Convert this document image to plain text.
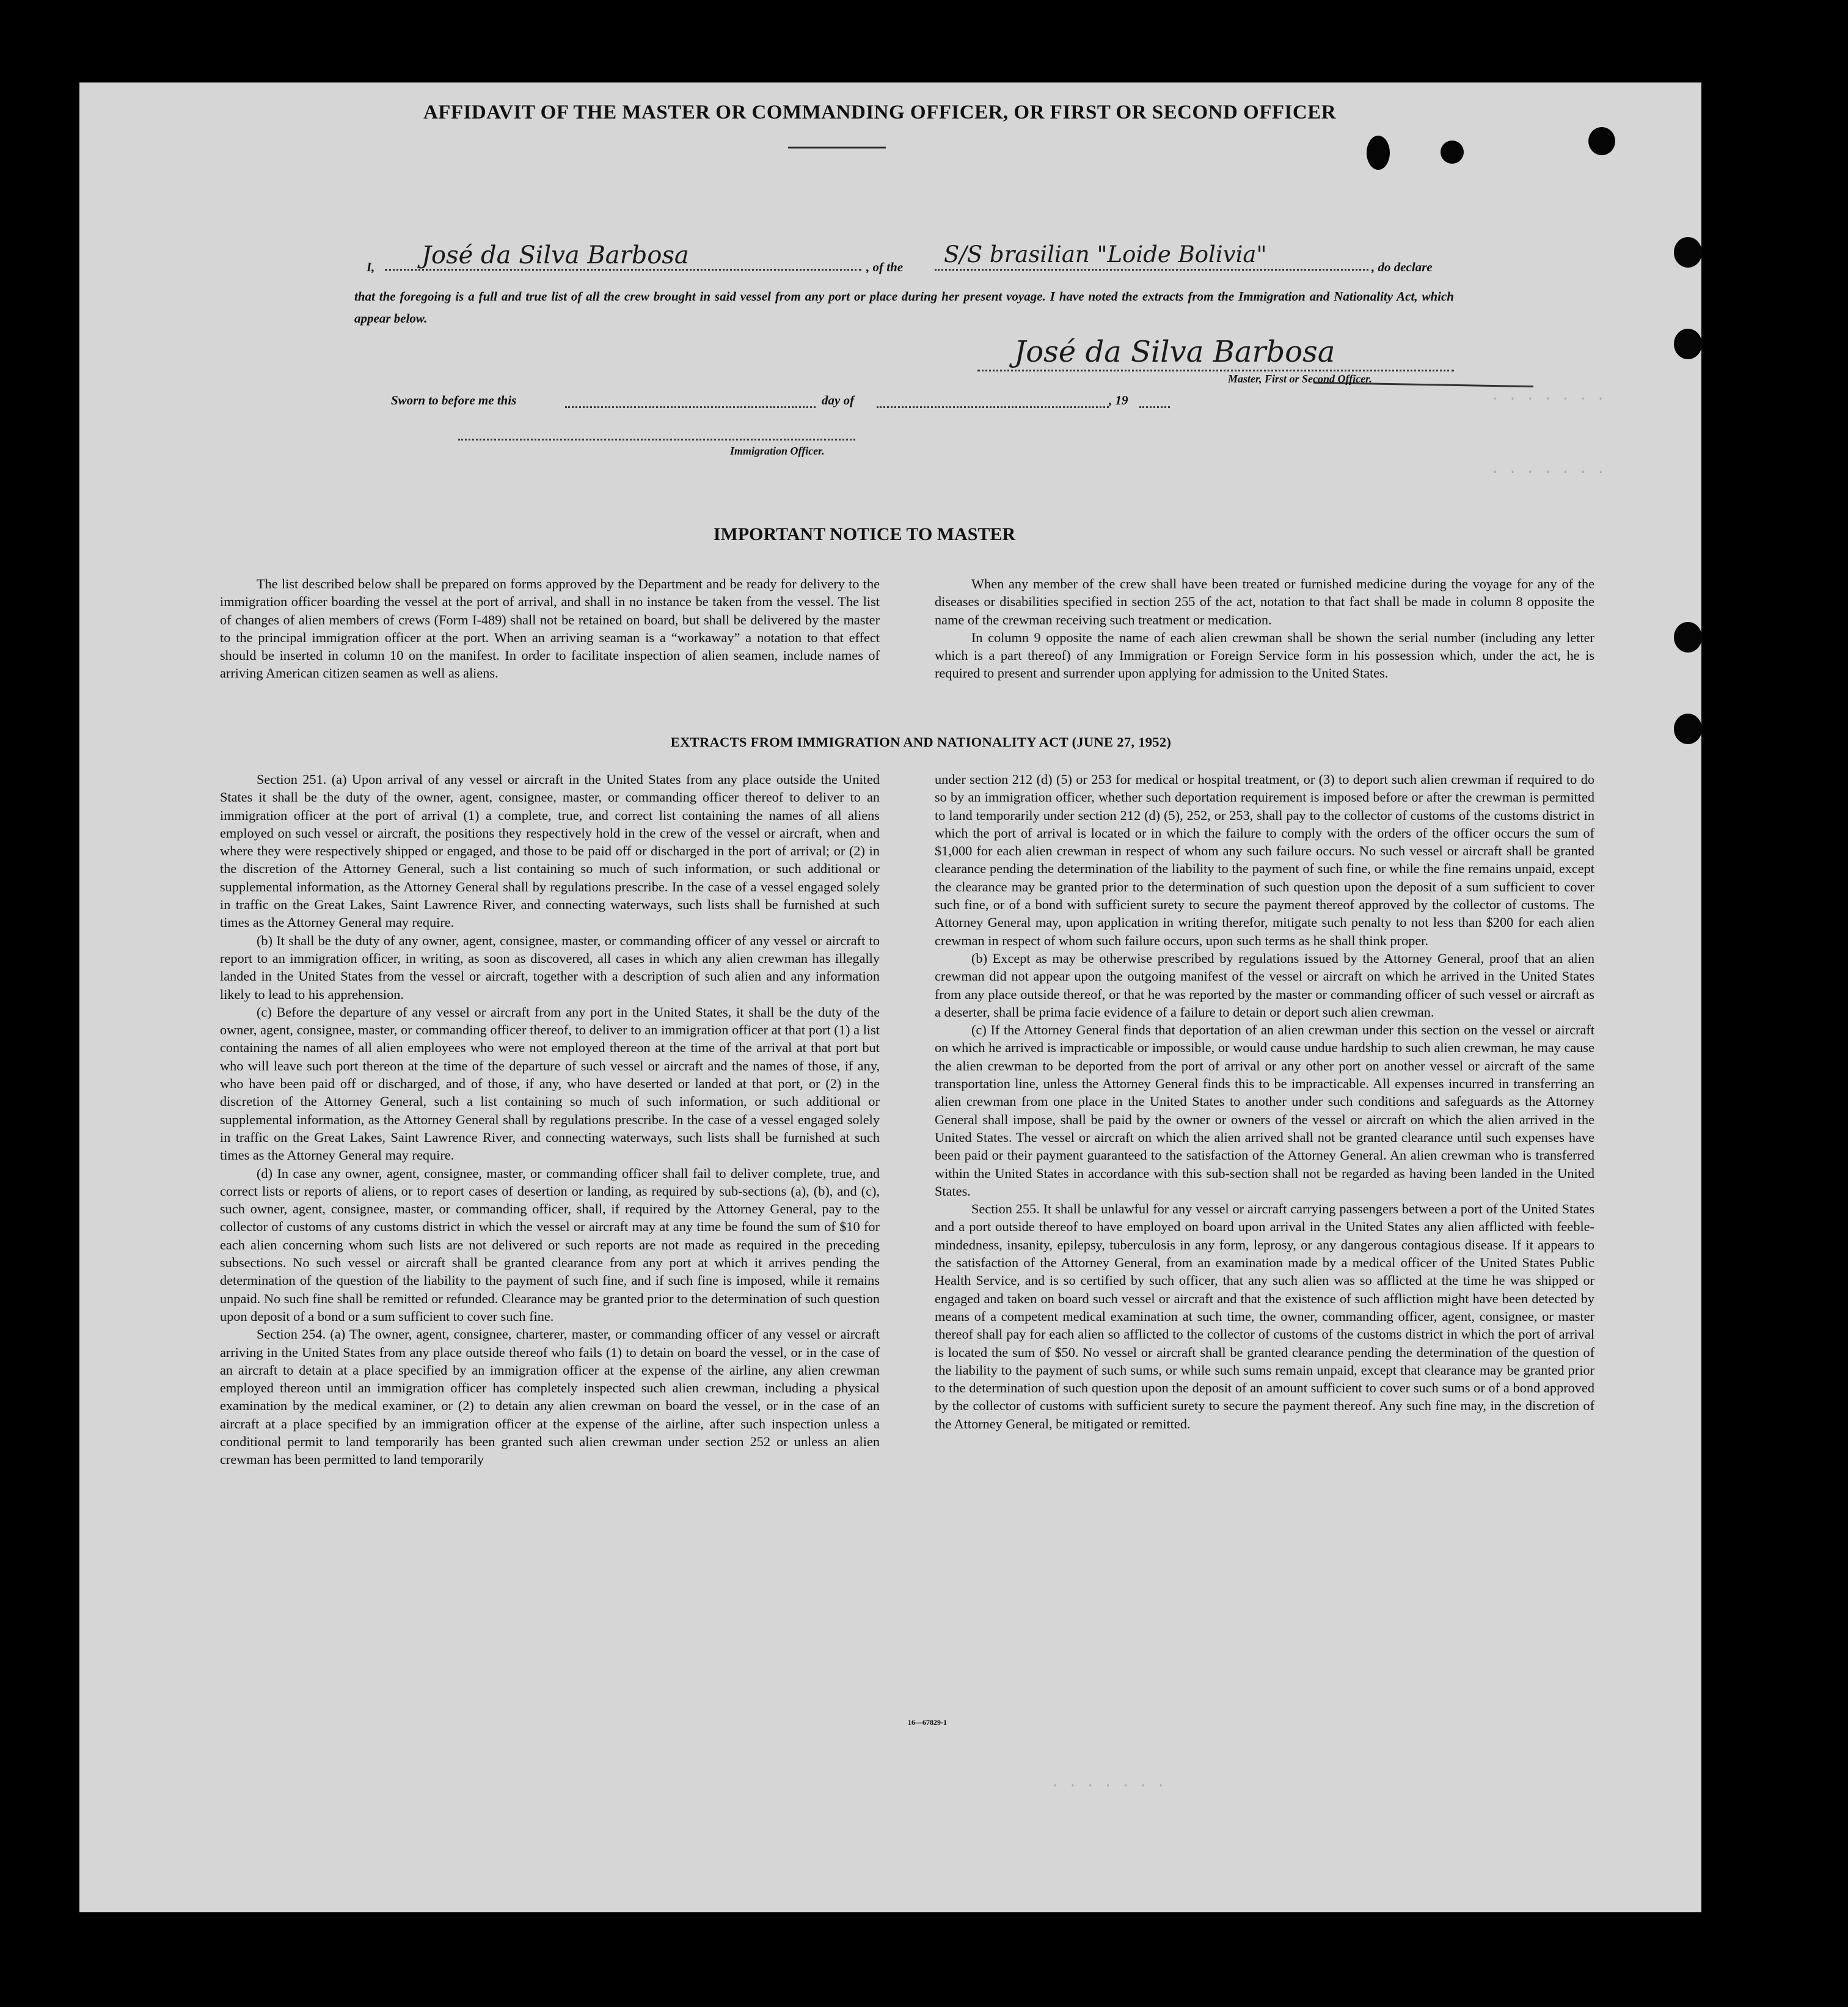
· · · · · · ·
· · · · · · ·
· · · · · · ·
AFFIDAVIT OF THE MASTER OR COMMANDING OFFICER, OR FIRST OR SECOND OFFICER
I, José da Silva Barbosa	, of the S/S brasilian "Loide Bolivia"	, do declare
that the foregoing is a full and true list of all the crew brought in said vessel from any port or place during her present voyage. I have noted the extracts from the Immigration and Nationality Act, which appear below.
José da Silva Barbosa
Master, First or Second Officer.
Sworn to before me this	day of	, 19
Immigration Officer.
IMPORTANT NOTICE TO MASTER

The list described below shall be prepared on forms approved by the Department and be ready for delivery to the immigration officer boarding the vessel at the port of arrival, and shall in no instance be taken from the vessel. The list of changes of alien members of crews (Form I-489) shall not be retained on board, but shall be delivered by the master to the principal immigration officer at the port. When an arriving seaman is a “workaway” a notation to that effect should be inserted in column 10 on the manifest. In order to facilitate inspection of alien seamen, include names of arriving American citizen seamen as well as aliens.

When any member of the crew shall have been treated or furnished medicine during the voyage for any of the diseases or disabilities specified in section 255 of the act, notation to that fact shall be made in column 8 opposite the name of the crewman receiving such treatment or medication.

In column 9 opposite the name of each alien crewman shall be shown the serial number (including any letter which is a part thereof) of any Immigration or Foreign Service form in his possession which, under the act, he is required to present and surrender upon applying for admission to the United States.

EXTRACTS FROM IMMIGRATION AND NATIONALITY ACT (JUNE 27, 1952)

Section 251. (a) Upon arrival of any vessel or aircraft in the United States from any place outside the United States it shall be the duty of the owner, agent, consignee, master, or commanding officer thereof to deliver to an immigration officer at the port of arrival (1) a complete, true, and correct list containing the names of all aliens employed on such vessel or aircraft, the positions they respectively hold in the crew of the vessel or aircraft, when and where they were respectively shipped or engaged, and those to be paid off or discharged in the port of arrival; or (2) in the discretion of the Attorney General, such a list containing so much of such information, or such additional or supplemental information, as the Attorney General shall by regulations prescribe. In the case of a vessel engaged solely in traffic on the Great Lakes, Saint Lawrence River, and connecting waterways, such lists shall be furnished at such times as the Attorney General may require.

(b) It shall be the duty of any owner, agent, consignee, master, or commanding officer of any vessel or aircraft to report to an immigration officer, in writing, as soon as discovered, all cases in which any alien crewman has illegally landed in the United States from the vessel or aircraft, together with a description of such alien and any information likely to lead to his apprehension.

(c) Before the departure of any vessel or aircraft from any port in the United States, it shall be the duty of the owner, agent, consignee, master, or commanding officer thereof, to deliver to an immigration officer at that port (1) a list containing the names of all alien employees who were not employed thereon at the time of the arrival at that port but who will leave such port thereon at the time of the departure of such vessel or aircraft and the names of those, if any, who have been paid off or discharged, and of those, if any, who have deserted or landed at that port, or (2) in the discretion of the Attorney General, such a list containing so much of such information, or such additional or supplemental information, as the Attorney General shall by regulations prescribe. In the case of a vessel engaged solely in traffic on the Great Lakes, Saint Lawrence River, and connecting waterways, such lists shall be furnished at such times as the Attorney General may require.

(d) In case any owner, agent, consignee, master, or commanding officer shall fail to deliver complete, true, and correct lists or reports of aliens, or to report cases of desertion or landing, as required by sub-sections (a), (b), and (c), such owner, agent, consignee, master, or commanding officer, shall, if required by the Attorney General, pay to the collector of customs of any customs district in which the vessel or aircraft may at any time be found the sum of $10 for each alien concerning whom such lists are not delivered or such reports are not made as required in the preceding subsections. No such vessel or aircraft shall be granted clearance from any port at which it arrives pending the determination of the question of the liability to the payment of such fine, and if such fine is imposed, while it remains unpaid. No such fine shall be remitted or refunded. Clearance may be granted prior to the determination of such question upon deposit of a bond or a sum sufficient to cover such fine.

Section 254. (a) The owner, agent, consignee, charterer, master, or commanding officer of any vessel or aircraft arriving in the United States from any place outside thereof who fails (1) to detain on board the vessel, or in the case of an aircraft to detain at a place specified by an immigration officer at the expense of the airline, any alien crewman employed thereon until an immigration officer has completely inspected such alien crewman, including a physical examination by the medical examiner, or (2) to detain any alien crewman on board the vessel, or in the case of an aircraft at a place specified by an immigration officer at the expense of the airline, after such inspection unless a conditional permit to land temporarily has been granted such alien crewman under section 252 or unless an alien crewman has been permitted to land temporarily

under section 212 (d) (5) or 253 for medical or hospital treatment, or (3) to deport such alien crewman if required to do so by an immigration officer, whether such deportation requirement is imposed before or after the crewman is permitted to land temporarily under section 212 (d) (5), 252, or 253, shall pay to the collector of customs of the customs district in which the port of arrival is located or in which the failure to comply with the orders of the officer occurs the sum of $1,000 for each alien crewman in respect of whom any such failure occurs. No such vessel or aircraft shall be granted clearance pending the determination of the liability to the payment of such fine, or while the fine remains unpaid, except the clearance may be granted prior to the determination of such question upon the deposit of a sum sufficient to cover such fine, or of a bond with sufficient surety to secure the payment thereof approved by the collector of customs. The Attorney General may, upon application in writing therefor, mitigate such penalty to not less than $200 for each alien crewman in respect of whom such failure occurs, upon such terms as he shall think proper.

(b) Except as may be otherwise prescribed by regulations issued by the Attorney General, proof that an alien crewman did not appear upon the outgoing manifest of the vessel or aircraft on which he arrived in the United States from any place outside thereof, or that he was reported by the master or commanding officer of such vessel or aircraft as a deserter, shall be prima facie evidence of a failure to detain or deport such alien crewman.

(c) If the Attorney General finds that deportation of an alien crewman under this section on the vessel or aircraft on which he arrived is impracticable or impossible, or would cause undue hardship to such alien crewman, he may cause the alien crewman to be deported from the port of arrival or any other port on another vessel or aircraft of the same transportation line, unless the Attorney General finds this to be impracticable. All expenses incurred in transferring an alien crewman from one place in the United States to another under such conditions and safeguards as the Attorney General shall impose, shall be paid by the owner or owners of the vessel or aircraft on which the alien arrived in the United States. The vessel or aircraft on which the alien arrived shall not be granted clearance until such expenses have been paid or their payment guaranteed to the satisfaction of the Attorney General. An alien crewman who is transferred within the United States in accordance with this sub-section shall not be regarded as having been landed in the United States.

Section 255. It shall be unlawful for any vessel or aircraft carrying passengers between a port of the United States and a port outside thereof to have employed on board upon arrival in the United States any alien afflicted with feeble-mindedness, insanity, epilepsy, tuberculosis in any form, leprosy, or any dangerous contagious disease. If it appears to the satisfaction of the Attorney General, from an examination made by a medical officer of the United States Public Health Service, and is so certified by such officer, that any such alien was so afflicted at the time he was shipped or engaged and taken on board such vessel or aircraft and that the existence of such affliction might have been detected by means of a competent medical examination at such time, the owner, commanding officer, agent, consignee, or master thereof shall pay for each alien so afflicted to the collector of customs of the customs district in which the port of arrival is located the sum of $50. No vessel or aircraft shall be granted clearance pending the determination of the question of the liability to the payment of such sums, or while such sums remain unpaid, except that clearance may be granted prior to the determination of such question upon the deposit of an amount sufficient to cover such sums or of a bond approved by the collector of customs with sufficient surety to secure the payment thereof. Any such fine may, in the discretion of the Attorney General, be mitigated or remitted.

16—67829-1
